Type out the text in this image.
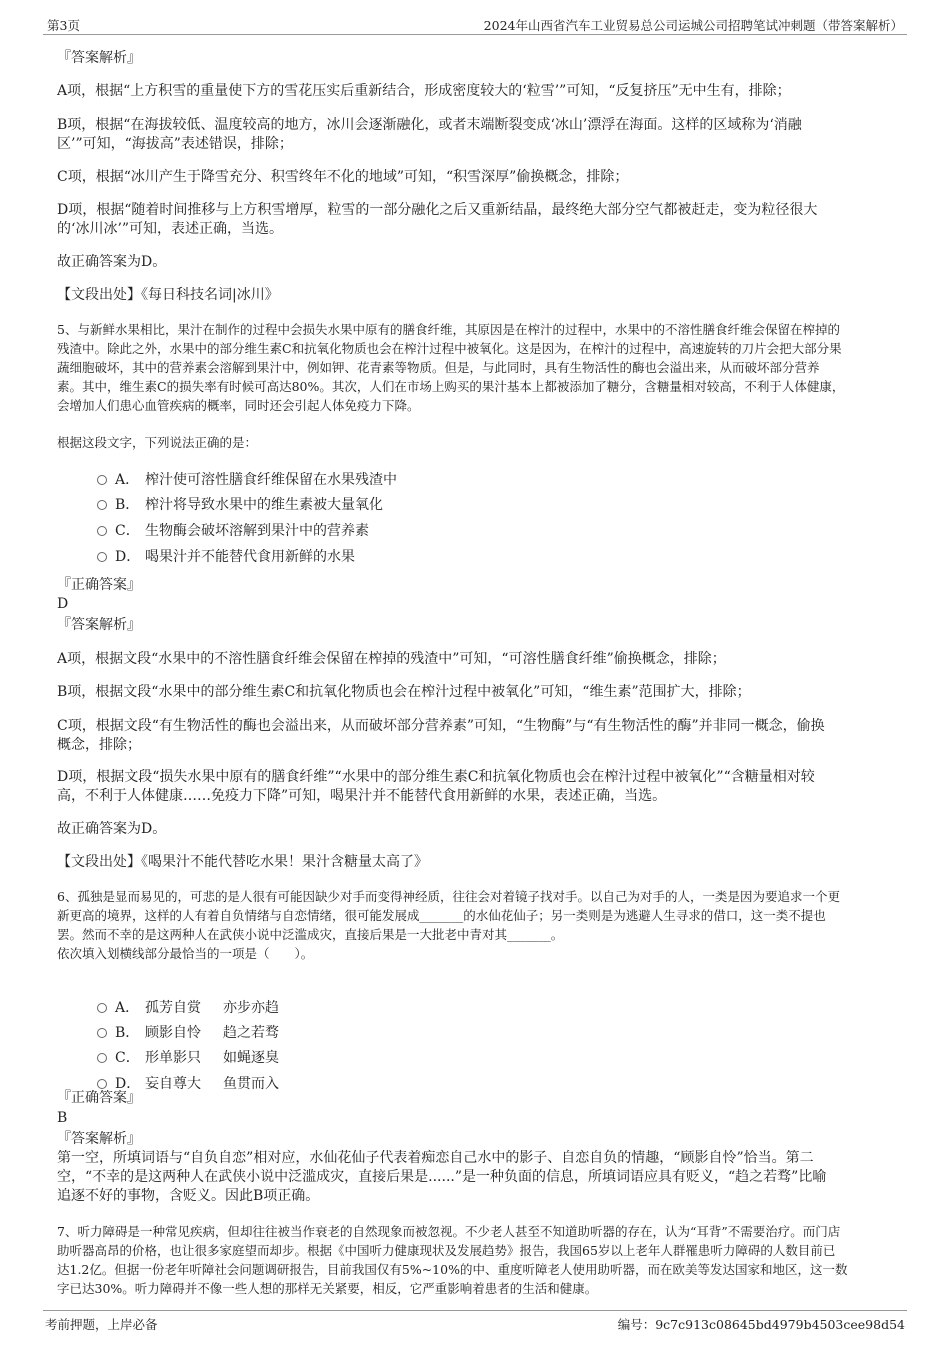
第3页	2024年山西省汽车工业贸易总公司运城公司招聘笔试冲刺题（带答案解析）
『答案解析』
A项，根据“上方积雪的重量使下方的雪花压实后重新结合，形成密度较大的‘粒雪’”可知，“反复挤压”无中生有，排除；
B项，根据“在海拔较低、温度较高的地方，冰川会逐渐融化，或者末端断裂变成‘冰山’漂浮在海面。这样的区域称为‘消融
区’”可知，“海拔高”表述错误，排除；
C项，根据“冰川产生于降雪充分、积雪终年不化的地域”可知，“积雪深厚”偷换概念，排除；
D项，根据“随着时间推移与上方积雪增厚，粒雪的一部分融化之后又重新结晶，最终绝大部分空气都被赶走，变为粒径很大
的‘冰川冰’”可知，表述正确，当选。
故正确答案为D。
【文段出处】《每日科技名词|冰川》
5、与新鲜水果相比，果汁在制作的过程中会损失水果中原有的膳食纤维，其原因是在榨汁的过程中，水果中的不溶性膳食纤维会保留在榨掉的
残渣中。除此之外，水果中的部分维生素C和抗氧化物质也会在榨汁过程中被氧化。这是因为，在榨汁的过程中，高速旋转的刀片会把大部分果
蔬细胞破坏，其中的营养素会溶解到果汁中，例如钾、花青素等物质。但是，与此同时，具有生物活性的酶也会溢出来，从而破坏部分营养
素。其中，维生素C的损失率有时候可高达80%。其次，人们在市场上购买的果汁基本上都被添加了糖分，含糖量相对较高，不利于人体健康，
会增加人们患心血管疾病的概率，同时还会引起人体免疫力下降。
根据这段文字，下列说法正确的是：
A． 榨汁使可溶性膳食纤维保留在水果残渣中
B． 榨汁将导致水果中的维生素被大量氧化
C． 生物酶会破坏溶解到果汁中的营养素
D． 喝果汁并不能替代食用新鲜的水果
『正确答案』
D
『答案解析』
A项，根据文段“水果中的不溶性膳食纤维会保留在榨掉的残渣中”可知，“可溶性膳食纤维”偷换概念，排除；
B项，根据文段“水果中的部分维生素C和抗氧化物质也会在榨汁过程中被氧化”可知，“维生素”范围扩大，排除；
C项，根据文段“有生物活性的酶也会溢出来，从而破坏部分营养素”可知，“生物酶”与“有生物活性的酶”并非同一概念，偷换
概念，排除；
D项，根据文段“损失水果中原有的膳食纤维”“水果中的部分维生素C和抗氧化物质也会在榨汁过程中被氧化”“含糖量相对较
高，不利于人体健康……免疫力下降”可知，喝果汁并不能替代食用新鲜的水果，表述正确，当选。
故正确答案为D。
【文段出处】《喝果汁不能代替吃水果！果汁含糖量太高了》
6、孤独是显而易见的，可悲的是人很有可能因缺少对手而变得神经质，往往会对着镜子找对手。以自己为对手的人，一类是因为要追求一个更
新更高的境界，这样的人有着自负情绪与自恋情绪，很可能发展成_______的水仙花仙子；另一类则是为逃避人生寻求的借口，这一类不提也
罢。然而不幸的是这两种人在武侠小说中泛滥成灾，直接后果是一大批老中青对其_______。
依次填入划横线部分最恰当的一项是（　　）。
A． 孤芳自赏 亦步亦趋
B． 顾影自怜 趋之若骛
C． 形单影只 如蝇逐臭
D． 妄自尊大 鱼贯而入
『正确答案』
B
『答案解析』
第一空，所填词语与“自负自恋”相对应，水仙花仙子代表着痴恋自己水中的影子、自恋自负的情趣，“顾影自怜”恰当。第二
空，“不幸的是这两种人在武侠小说中泛滥成灾，直接后果是......”是一种负面的信息，所填词语应具有贬义，“趋之若骛”比喻
追逐不好的事物，含贬义。因此B项正确。
7、听力障碍是一种常见疾病，但却往往被当作衰老的自然现象而被忽视。不少老人甚至不知道助听器的存在，认为“耳背”不需要治疗。而门店
助听器高昂的价格，也让很多家庭望而却步。根据《中国听力健康现状及发展趋势》报告，我国65岁以上老年人群罹患听力障碍的人数目前已
达1.2亿。但据一份老年听障社会问题调研报告，目前我国仅有5%~10%的中、重度听障老人使用助听器，而在欧美等发达国家和地区，这一数
字已达30%。听力障碍并不像一些人想的那样无关紧要，相反，它严重影响着患者的生活和健康。
考前押题，上岸必备	编号：9c7c913c08645bd4979b4503cee98d54
